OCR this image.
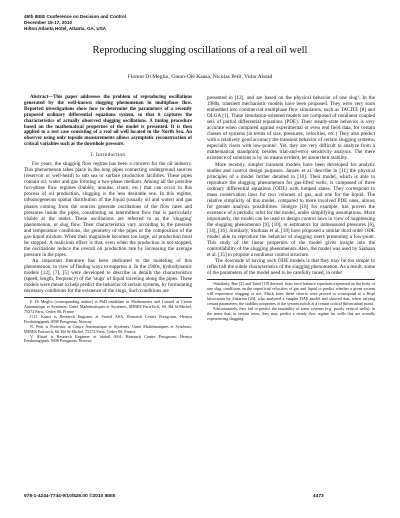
49th IEEE Conference on Decision and Control
December 15-17, 2010
Hilton Atlanta Hotel, Atlanta, GA, USA
Reproducing slugging oscillations of a real oil well
Florent Di Meglio, Glenn-Ole Kaasa, Nicolas Petit, Vidar Alstad

Abstract—This paper addresses the problem of reproducing oscillations generated by the well-known slugging phenomenon in multiphase flow. Reported investigations show how to determine the parameters of a recently proposed ordinary differential equations system, so that it captures the characteristics of actually observed slugging oscillations. A tuning procedure based on the mathematical properties of the model is presented. It is then applied to a test case consisting of a real oil well located in the North Sea. An observer using only topside measurements allows asymptotic reconstruction of critical variables such as the downhole pressure.

I. Introduction

For years, the slugging flow regime has been a concern for the oil industry. This phenomenon takes place in the long pipes connecting underground sources (reservoir or well-head) to sub sea or surface production facilities. These pipes contain oil, water and gas forming a two-phase medium. Among all the possible two-phase flow regimes (bubbly, annular, churn, etc.) that can occur in this process of oil production, slugging is the less desirable one. In this regime, inhomogeneous spatial distribution of the liquid (usually oil and water) and gas phases coming from the sources generate oscillations of the flow rates and pressures inside the pipes, constituting an intermittent flow that is particularly visible at the outlet. These oscillations are referred to as the 'slugging' phenomenon, or slug flow. Their characteristics vary according to the pressure and temperature conditions, the geometry of the pipes or the composition of the gas-liquid mixture. When their magnitude becomes too large, oil production must be stopped. A malicious effect is that, even when the production is not stopped, the oscillations reduce the overall oil production rate by increasing the average pressure in the pipes.

An important literature has been dedicated to the modeling of this phenomenon, in view of finding ways to suppress it. In the 1960s, hydrodynamic models [12], [7], [5] were developed to describe in details the characteristics (speed, length, frequency) of the 'slugs' of liquid traveling along the pipes. These models were meant to help predict the behavior of certain systems, by formulating necessary conditions for the existence of the slugs. Such conditions are

F. Di Meglio (corresponding author) is PhD candidate in Mathematics and Control at Centre Automatique et Systèmes, Unité Mathématiques et Systèmes, MINES ParisTech, 60, Bd St-Michel, 75272 Paris, Cedex 06, France

G.O. Kaasa is Research Engineer at Statoil ASA, Research Center Porsgrunn, Herøya Forskningspark 3908 Porsgrunn, Norway

N. Petit is Professor at Centre Automatique et Systèmes, Unité Mathématiques et Systèmes, MINES Paristech, 60, Bd St-Michel, 75272 Paris, Cedex 06, France

V. Alstad is Research Engineer at Statoil ASA, Research Center Porsgrunn, Herøya Forskningspark 3908 Porsgrunn, Norway

presented in [13], and are based on the physical behavior of one slug¹. In the 1980s, transient mechanistic models have been proposed. They were very soon embedded into commercial multiphase flow simulators, such as TACITE [8] and OLGA [1]. These simulation-oriented models are composed of nonlinear coupled sets of partial differential equations (PDE). Their steady-state behavior is very accurate when compared against experimental or even real field data, for certain classes of systems (in terms of size, pressures, velocities, etc.) They also predict with a relatively good accuracy the transient behavior of certain slugging systems, especially risers with low-points². Yet, they are very difficult to analyze from a mathematical standpoint, besides trial-and-error sensitivity analysis. The mere existence of solutions is by no means evident, let alone their stability.

More recently, simpler transient models have been developed for analytic studies and control design purposes. Jansen et al. describe in [11] the physical principles of a model further detailed in [10]. Their model, which is able to reproduce the slugging phenomenon for gas-lifted wells, is composed of three ordinary differential equations (ODE) with lumped states. They correspond to mass conservation laws for two volumes of gas, and one for the liquid. The relative simplicity of this model, compared to more involved PDE ones, allows for greater analysis possibilities. Sinègre [16] for example, has proven the existence of a periodic orbit for the model, under simplifying assumptions. More importantly, the model can be used to design control laws in view of suppressing the slugging phenomenon [9], [10], or estimators for unmeasured pressures [6], [14], [16]. Similarly, Storkaas et al. [18] have proposed a similar third order ODE model able to reproduce the behavior of slugging risers presenting a low-point. This study of the linear properties of the model gives insight into the controllability of the slugging phenomenon. Also, the model was used by Siahaan et al. [15] to propose a nonlinear control structure.

The downside of having such ODE models is that they may be too simple to reflect all the subtle characteristics of the slugging phenomenon. As a result, some of the parameters of the model need to be carefully tuned, in order

¹Similarly, Bøe [2] and Taitel [19] derived, from force balance equations expressed on the body of one slug, conditions on the superficial velocities of gas and liquid to predict whether a given system will experience slugging or not. Much later, these criteria were proved to correspond to a Hopf bifurcation by Zakarian [20], who analyzed a simpler DAE model and showed that, when varying certain parameters, the stability properties of the system switch at a certain critical (bifurcation) point.

²Unfortunately, they fail to predict the instability of some systems (e.g. poorly vertical wells), in the sense that, in certain cases, they may predict a steady flow regime for wells that are actually experiencing slugging.

978-1-4244-7744-9/10/$26.00 ©2010 IEEE	4473
